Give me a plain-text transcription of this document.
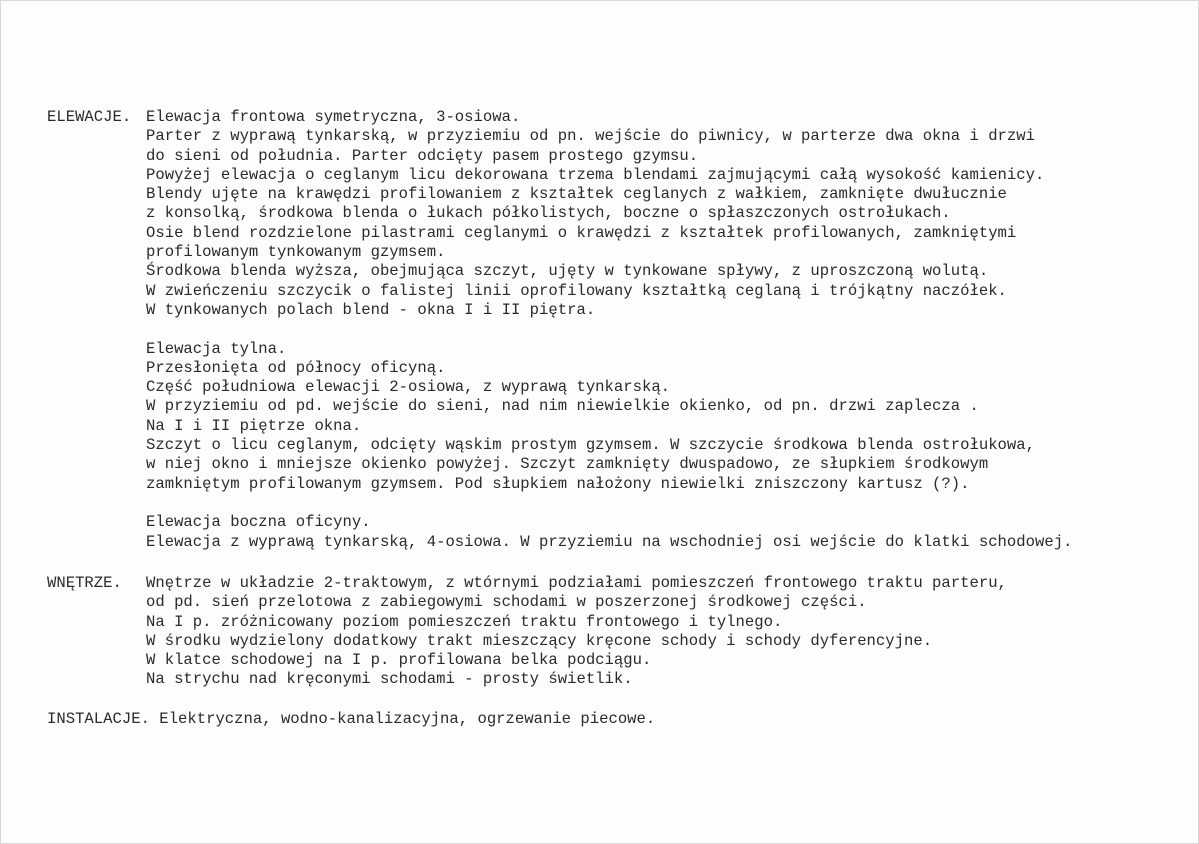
ELEWACJE. Elewacja frontowa symetryczna, 3-osiowa.
Parter z wyprawą tynkarską, w przyziemiu od pn. wejście do piwnicy, w parterze dwa okna i drzwi
do sieni od południa. Parter odcięty pasem prostego gzymsu.
Powyżej elewacja o ceglanym licu dekorowana trzema blendami zajmującymi całą wysokość kamienicy.
Blendy ujęte na krawędzi profilowaniem z kształtek ceglanych z wałkiem, zamknięte dwułucznie
z konsolką, środkowa blenda o łukach półkolistych, boczne o spłaszczonych ostrołukach.
Osie blend rozdzielone pilastrami ceglanymi o krawędzi z kształtek profilowanych, zamkniętymi
profilowanym tynkowanym gzymsem.
Środkowa blenda wyższa, obejmująca szczyt, ujęty w tynkowane spływy, z uproszczoną wolutą.
W zwieńczeniu szczycik o falistej linii oprofilowany kształtką ceglaną i trójkątny naczółek.
W tynkowanych polach blend - okna I i II piętra.
Elewacja tylna.
Przesłonięta od północy oficyną.
Część południowa elewacji 2-osiowa, z wyprawą tynkarską.
W przyziemiu od pd. wejście do sieni, nad nim niewielkie okienko, od pn. drzwi zaplecza .
Na I i II piętrze okna.
Szczyt o licu ceglanym, odcięty wąskim prostym gzymsem. W szczycie środkowa blenda ostrołukowa,
w niej okno i mniejsze okienko powyżej. Szczyt zamknięty dwuspadowo, ze słupkiem środkowym
zamkniętym profilowanym gzymsem. Pod słupkiem nałożony niewielki zniszczony kartusz (?).
Elewacja boczna oficyny.
Elewacja z wyprawą tynkarską, 4-osiowa. W przyziemiu na wschodniej osi wejście do klatki schodowej.
WNĘTRZE. Wnętrze w układzie 2-traktowym, z wtórnymi podziałami pomieszczeń frontowego traktu parteru,
od pd. sień przelotowa z zabiegowymi schodami w poszerzonej środkowej części.
Na I p. zróżnicowany poziom pomieszczeń traktu frontowego i tylnego.
W środku wydzielony dodatkowy trakt mieszczący kręcone schody i schody dyferencyjne.
W klatce schodowej na I p. profilowana belka podciągu.
Na strychu nad kręconymi schodami - prosty świetlik.
INSTALACJE. Elektryczna, wodno-kanalizacyjna, ogrzewanie piecowe.
